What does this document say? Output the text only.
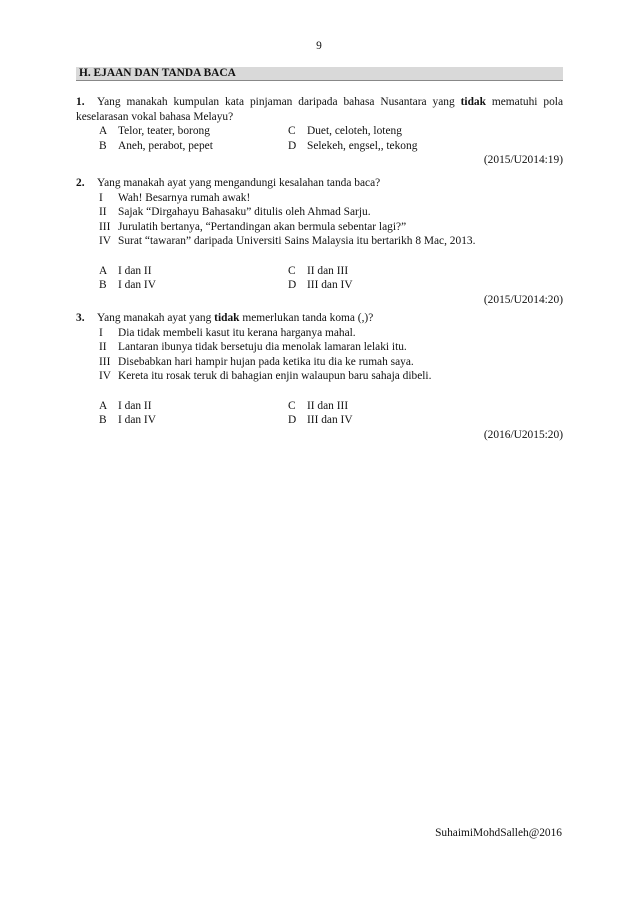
9
H. EJAAN DAN TANDA BACA
1. Yang manakah kumpulan kata pinjaman daripada bahasa Nusantara yang tidak mematuhi pola keselarasan vokal bahasa Melayu?
A Telor, teater, borong	C Duet, celoteh, loteng
B Aneh, perabot, pepet	D Selekeh, engsel,, tekong
(2015/U2014:19)
2. Yang manakah ayat yang mengandungi kesalahan tanda baca?
I Wah! Besarnya rumah awak!
II Sajak “Dirgahayu Bahasaku” ditulis oleh Ahmad Sarju.
III Jurulatih bertanya, “Pertandingan akan bermula sebentar lagi?”
IV Surat “tawaran” daripada Universiti Sains Malaysia itu bertarikh 8 Mac, 2013.
A I dan II	C II dan III
B I dan IV	D III dan IV
(2015/U2014:20)
3. Yang manakah ayat yang tidak memerlukan tanda koma (,)?
I Dia tidak membeli kasut itu kerana harganya mahal.
II Lantaran ibunya tidak bersetuju dia menolak lamaran lelaki itu.
III Disebabkan hari hampir hujan pada ketika itu dia ke rumah saya.
IV Kereta itu rosak teruk di bahagian enjin walaupun baru sahaja dibeli.
A I dan II	C II dan III
B I dan IV	D III dan IV
(2016/U2015:20)
SuhaimiMohdSalleh@2016
